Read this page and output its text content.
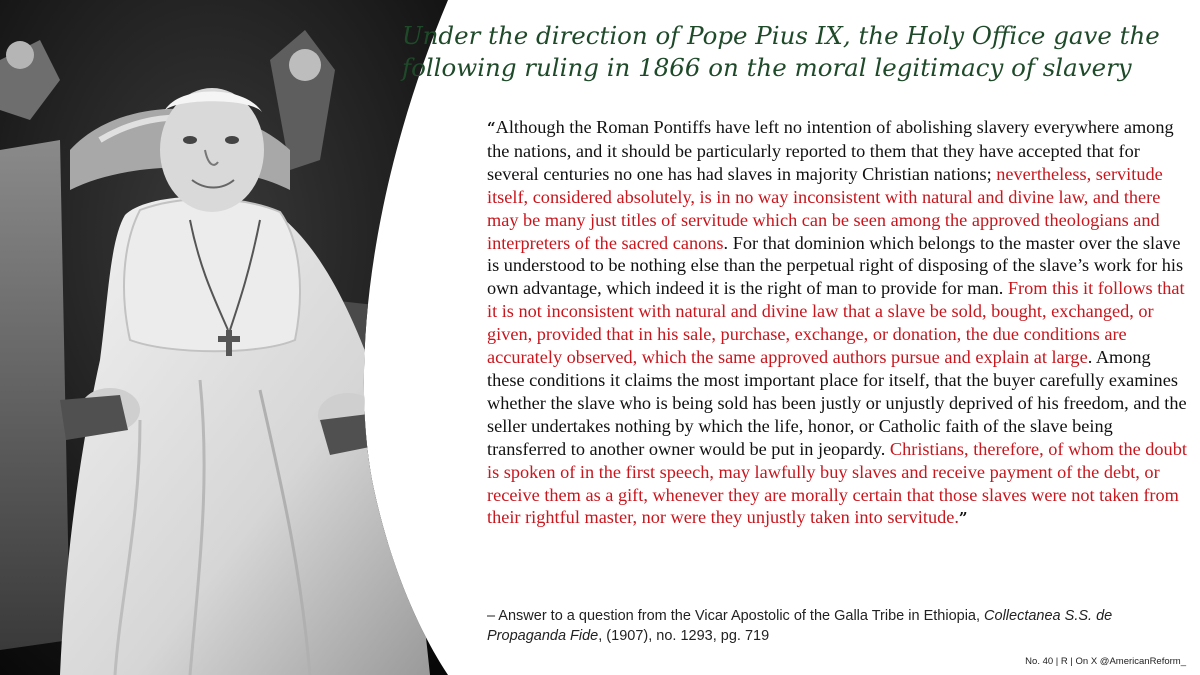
Under the direction of Pope Pius IX, the Holy Office gave the
following ruling in 1866 on the moral legitimacy of slavery

“Although the Roman Pontiffs have left no intention of abolishing slavery everywhere among the nations, and it should be particularly reported to them that they have accepted that for several centuries no one has had slaves in majority Christian nations; nevertheless, servitude itself, considered absolutely, is in no way inconsistent with natural and divine law, and there may be many just titles of servitude which can be seen among the approved theologians and interpreters of the sacred canons. For that dominion which belongs to the master over the slave is understood to be nothing else than the perpetual right of disposing of the slave’s work for his own advantage, which indeed it is the right of man to provide for man. From this it follows that it is not inconsistent with natural and divine law that a slave be sold, bought, exchanged, or given, provided that in his sale, purchase, exchange, or donation, the due conditions are accurately observed, which the same approved authors pursue and explain at large. Among these conditions it claims the most important place for itself, that the buyer carefully examines whether the slave who is being sold has been justly or unjustly deprived of his freedom, and the seller undertakes nothing by which the life, honor, or Catholic faith of the slave being transferred to another owner would be put in jeopardy. Christians, therefore, of whom the doubt is spoken of in the first speech, may lawfully buy slaves and receive payment of the debt, or receive them as a gift, whenever they are morally certain that those slaves were not taken from their rightful master, nor were they unjustly taken into servitude.”

– Answer to a question from the Vicar Apostolic of the Galla Tribe in Ethiopia, Collectanea S.S. de Propaganda Fide, (1907), no. 1293, pg. 719

No. 40 | R | On X @AmericanReform_
